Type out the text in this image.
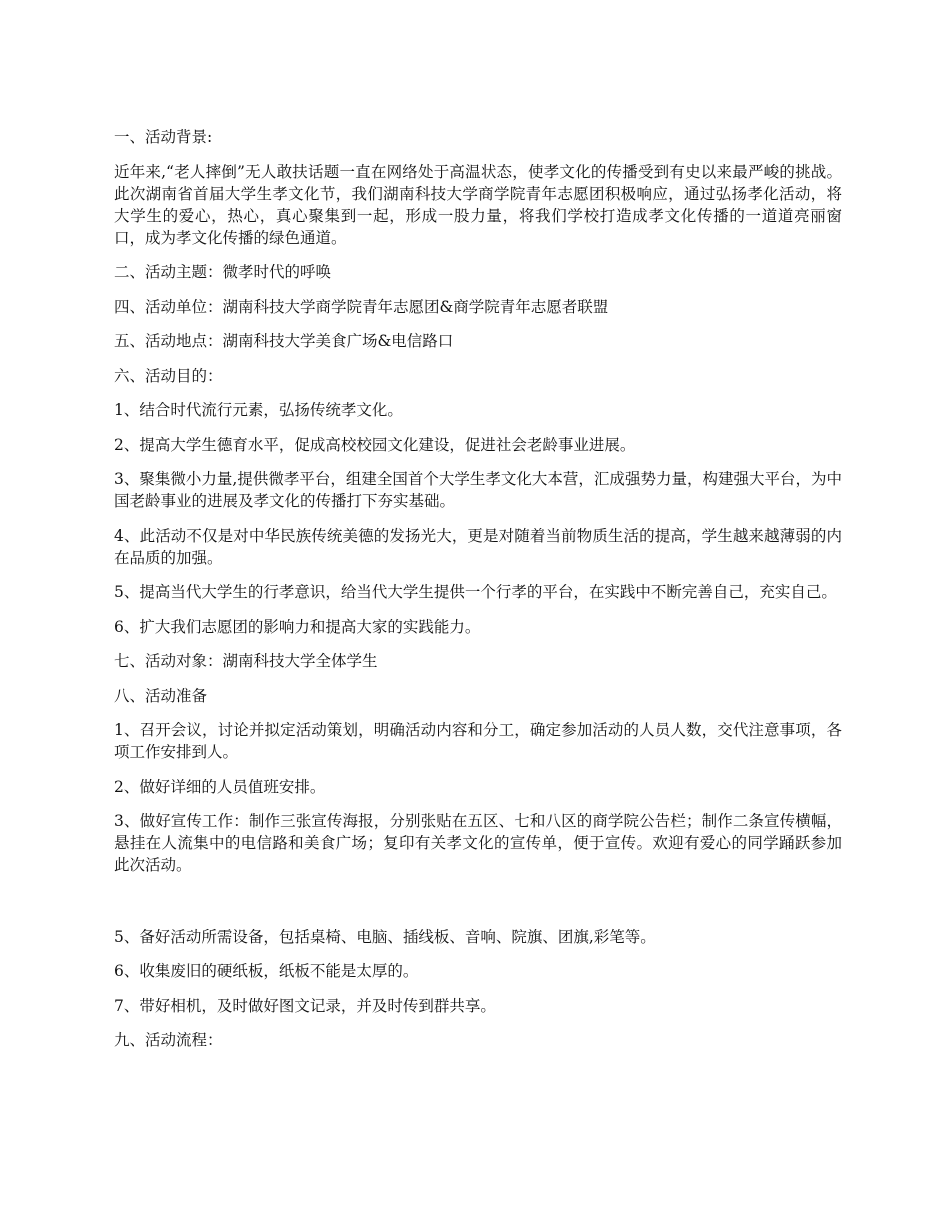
一、活动背景:

近年来,“老人摔倒”无人敢扶话题一直在网络处于高温状态，使孝文化的传播受到有史以来最严峻的挑战。此次湖南省首届大学生孝文化节，我们湖南科技大学商学院青年志愿团积极响应，通过弘扬孝化活动，将大学生的爱心，热心，真心聚集到一起，形成一股力量，将我们学校打造成孝文化传播的一道道亮丽窗口，成为孝文化传播的绿色通道。

二、活动主题：微孝时代的呼唤

四、活动单位：湖南科技大学商学院青年志愿团&商学院青年志愿者联盟

五、活动地点：湖南科技大学美食广场&电信路口

六、活动目的：

1、结合时代流行元素，弘扬传统孝文化。

2、提高大学生德育水平，促成高校校园文化建设，促进社会老龄事业进展。

3、聚集微小力量,提供微孝平台，组建全国首个大学生孝文化大本营，汇成强势力量，构建强大平台，为中国老龄事业的进展及孝文化的传播打下夯实基础。

4、此活动不仅是对中华民族传统美德的发扬光大，更是对随着当前物质生活的提高，学生越来越薄弱的内在品质的加强。

5、提高当代大学生的行孝意识，给当代大学生提供一个行孝的平台，在实践中不断完善自己，充实自己。

6、扩大我们志愿团的影响力和提高大家的实践能力。

七、活动对象：湖南科技大学全体学生

八、活动准备

1、召开会议，讨论并拟定活动策划，明确活动内容和分工，确定参加活动的人员人数，交代注意事项，各项工作安排到人。

2、做好详细的人员值班安排。

3、做好宣传工作：制作三张宣传海报，分别张贴在五区、七和八区的商学院公告栏；制作二条宣传横幅，悬挂在人流集中的电信路和美食广场；复印有关孝文化的宣传单，便于宣传。欢迎有爱心的同学踊跃参加此次活动。

5、备好活动所需设备，包括桌椅、电脑、插线板、音响、院旗、团旗,彩笔等。

6、收集废旧的硬纸板，纸板不能是太厚的。

7、带好相机，及时做好图文记录，并及时传到群共享。

九、活动流程：
